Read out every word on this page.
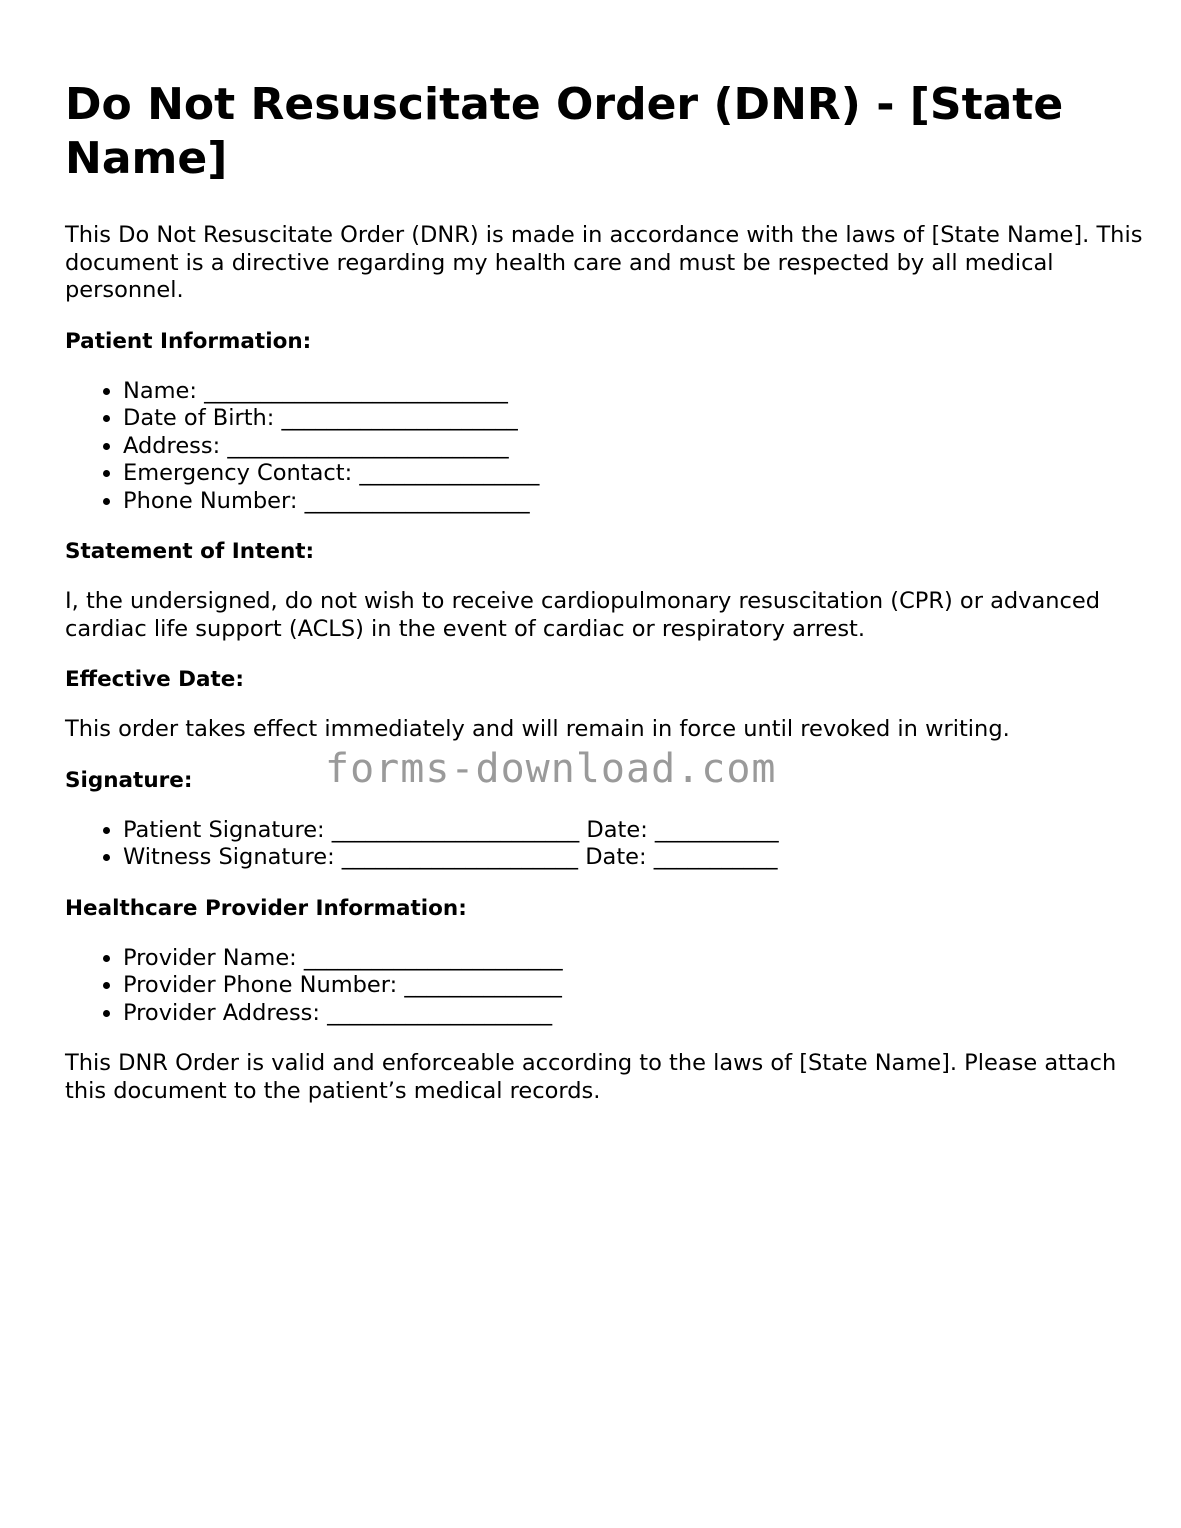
Do Not Resuscitate Order (DNR) - [State Name]

This Do Not Resuscitate Order (DNR) is made in accordance with the laws of [State Name]. This document is a directive regarding my health care and must be respected by all medical personnel.

Patient Information:
• Name: ___________________________
• Date of Birth: _____________________
• Address: _________________________
• Emergency Contact: ________________
• Phone Number: ____________________
Statement of Intent:

I, the undersigned, do not wish to receive cardiopulmonary resuscitation (CPR) or advanced cardiac life support (ACLS) in the event of cardiac or respiratory arrest.

Effective Date:

This order takes effect immediately and will remain in force until revoked in writing.

Signature:
• Patient Signature: ______________________ Date: ___________
• Witness Signature: _____________________ Date: ___________
Healthcare Provider Information:
• Provider Name: _______________________
• Provider Phone Number: ______________
• Provider Address: ____________________

This DNR Order is valid and enforceable according to the laws of [State Name]. Please attach this document to the patient’s medical records.

forms-download.com
